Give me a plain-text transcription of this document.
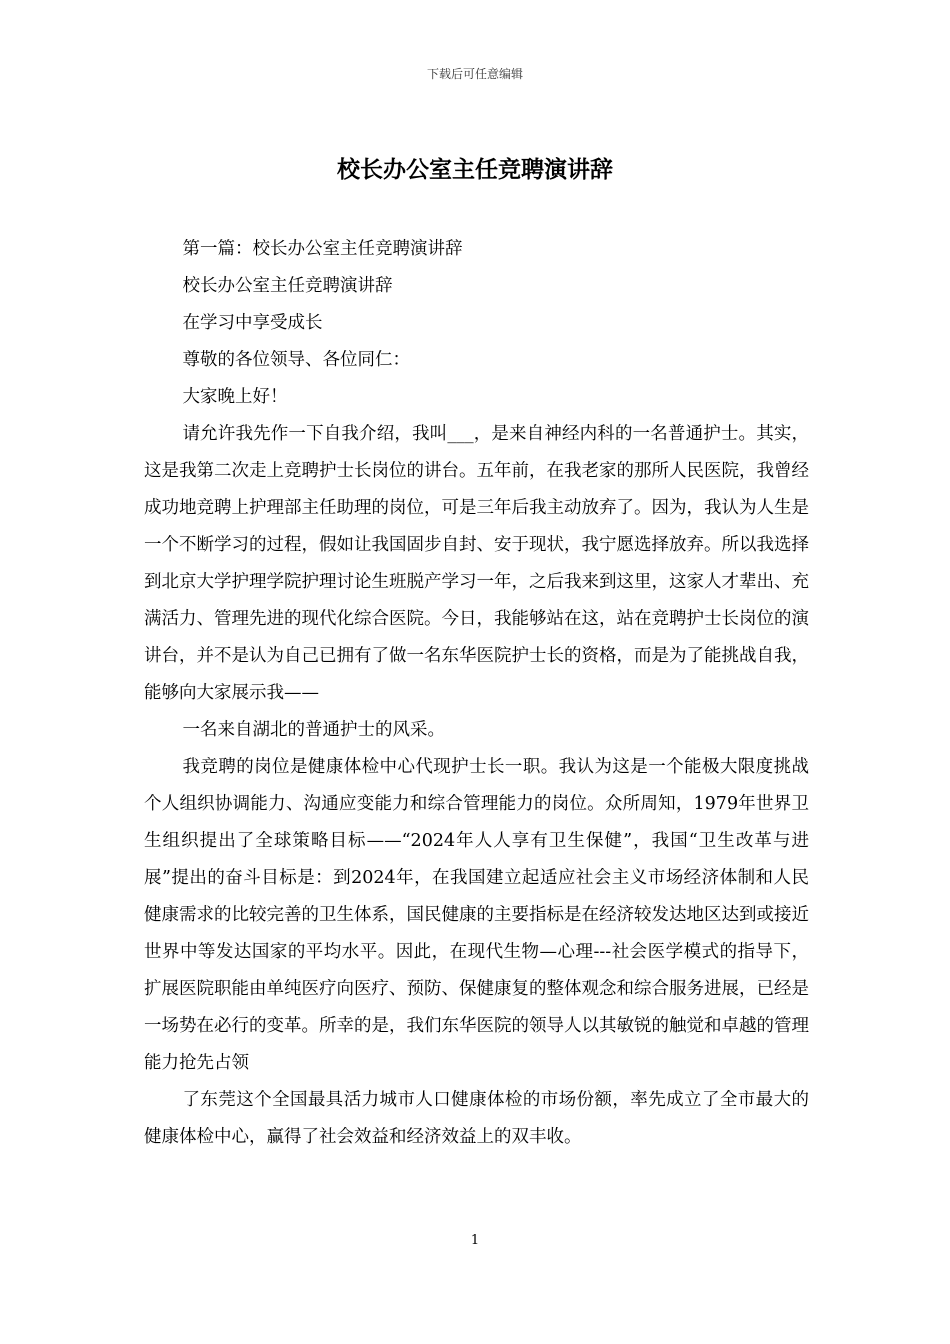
下载后可任意编辑
校长办公室主任竞聘演讲辞

第一篇：校长办公室主任竞聘演讲辞

校长办公室主任竞聘演讲辞

在学习中享受成长

尊敬的各位领导、各位同仁：

大家晚上好！

请允许我先作一下自我介绍，我叫___，是来自神经内科的一名普通护士。其实，这是我第二次走上竞聘护士长岗位的讲台。五年前，在我老家的那所人民医院，我曾经成功地竞聘上护理部主任助理的岗位，可是三年后我主动放弃了。因为，我认为人生是一个不断学习的过程，假如让我国固步自封、安于现状，我宁愿选择放弃。所以我选择到北京大学护理学院护理讨论生班脱产学习一年，之后我来到这里，这家人才辈出、充满活力、管理先进的现代化综合医院。今日，我能够站在这，站在竞聘护士长岗位的演讲台，并不是认为自己已拥有了做一名东华医院护士长的资格，而是为了能挑战自我，能够向大家展示我——

一名来自湖北的普通护士的风采。

我竞聘的岗位是健康体检中心代现护士长一职。我认为这是一个能极大限度挑战个人组织协调能力、沟通应变能力和综合管理能力的岗位。众所周知，1979年世界卫生组织提出了全球策略目标——“2024年人人享有卫生保健”，我国“卫生改革与进展”提出的奋斗目标是：到2024年，在我国建立起适应社会主义市场经济体制和人民健康需求的比较完善的卫生体系，国民健康的主要指标是在经济较发达地区达到或接近世界中等发达国家的平均水平。因此，在现代生物—心理---社会医学模式的指导下，扩展医院职能由单纯医疗向医疗、预防、保健康复的整体观念和综合服务进展，已经是一场势在必行的变革。所幸的是，我们东华医院的领导人以其敏锐的触觉和卓越的管理能力抢先占领

了东莞这个全国最具活力城市人口健康体检的市场份额，率先成立了全市最大的健康体检中心，赢得了社会效益和经济效益上的双丰收。

1
